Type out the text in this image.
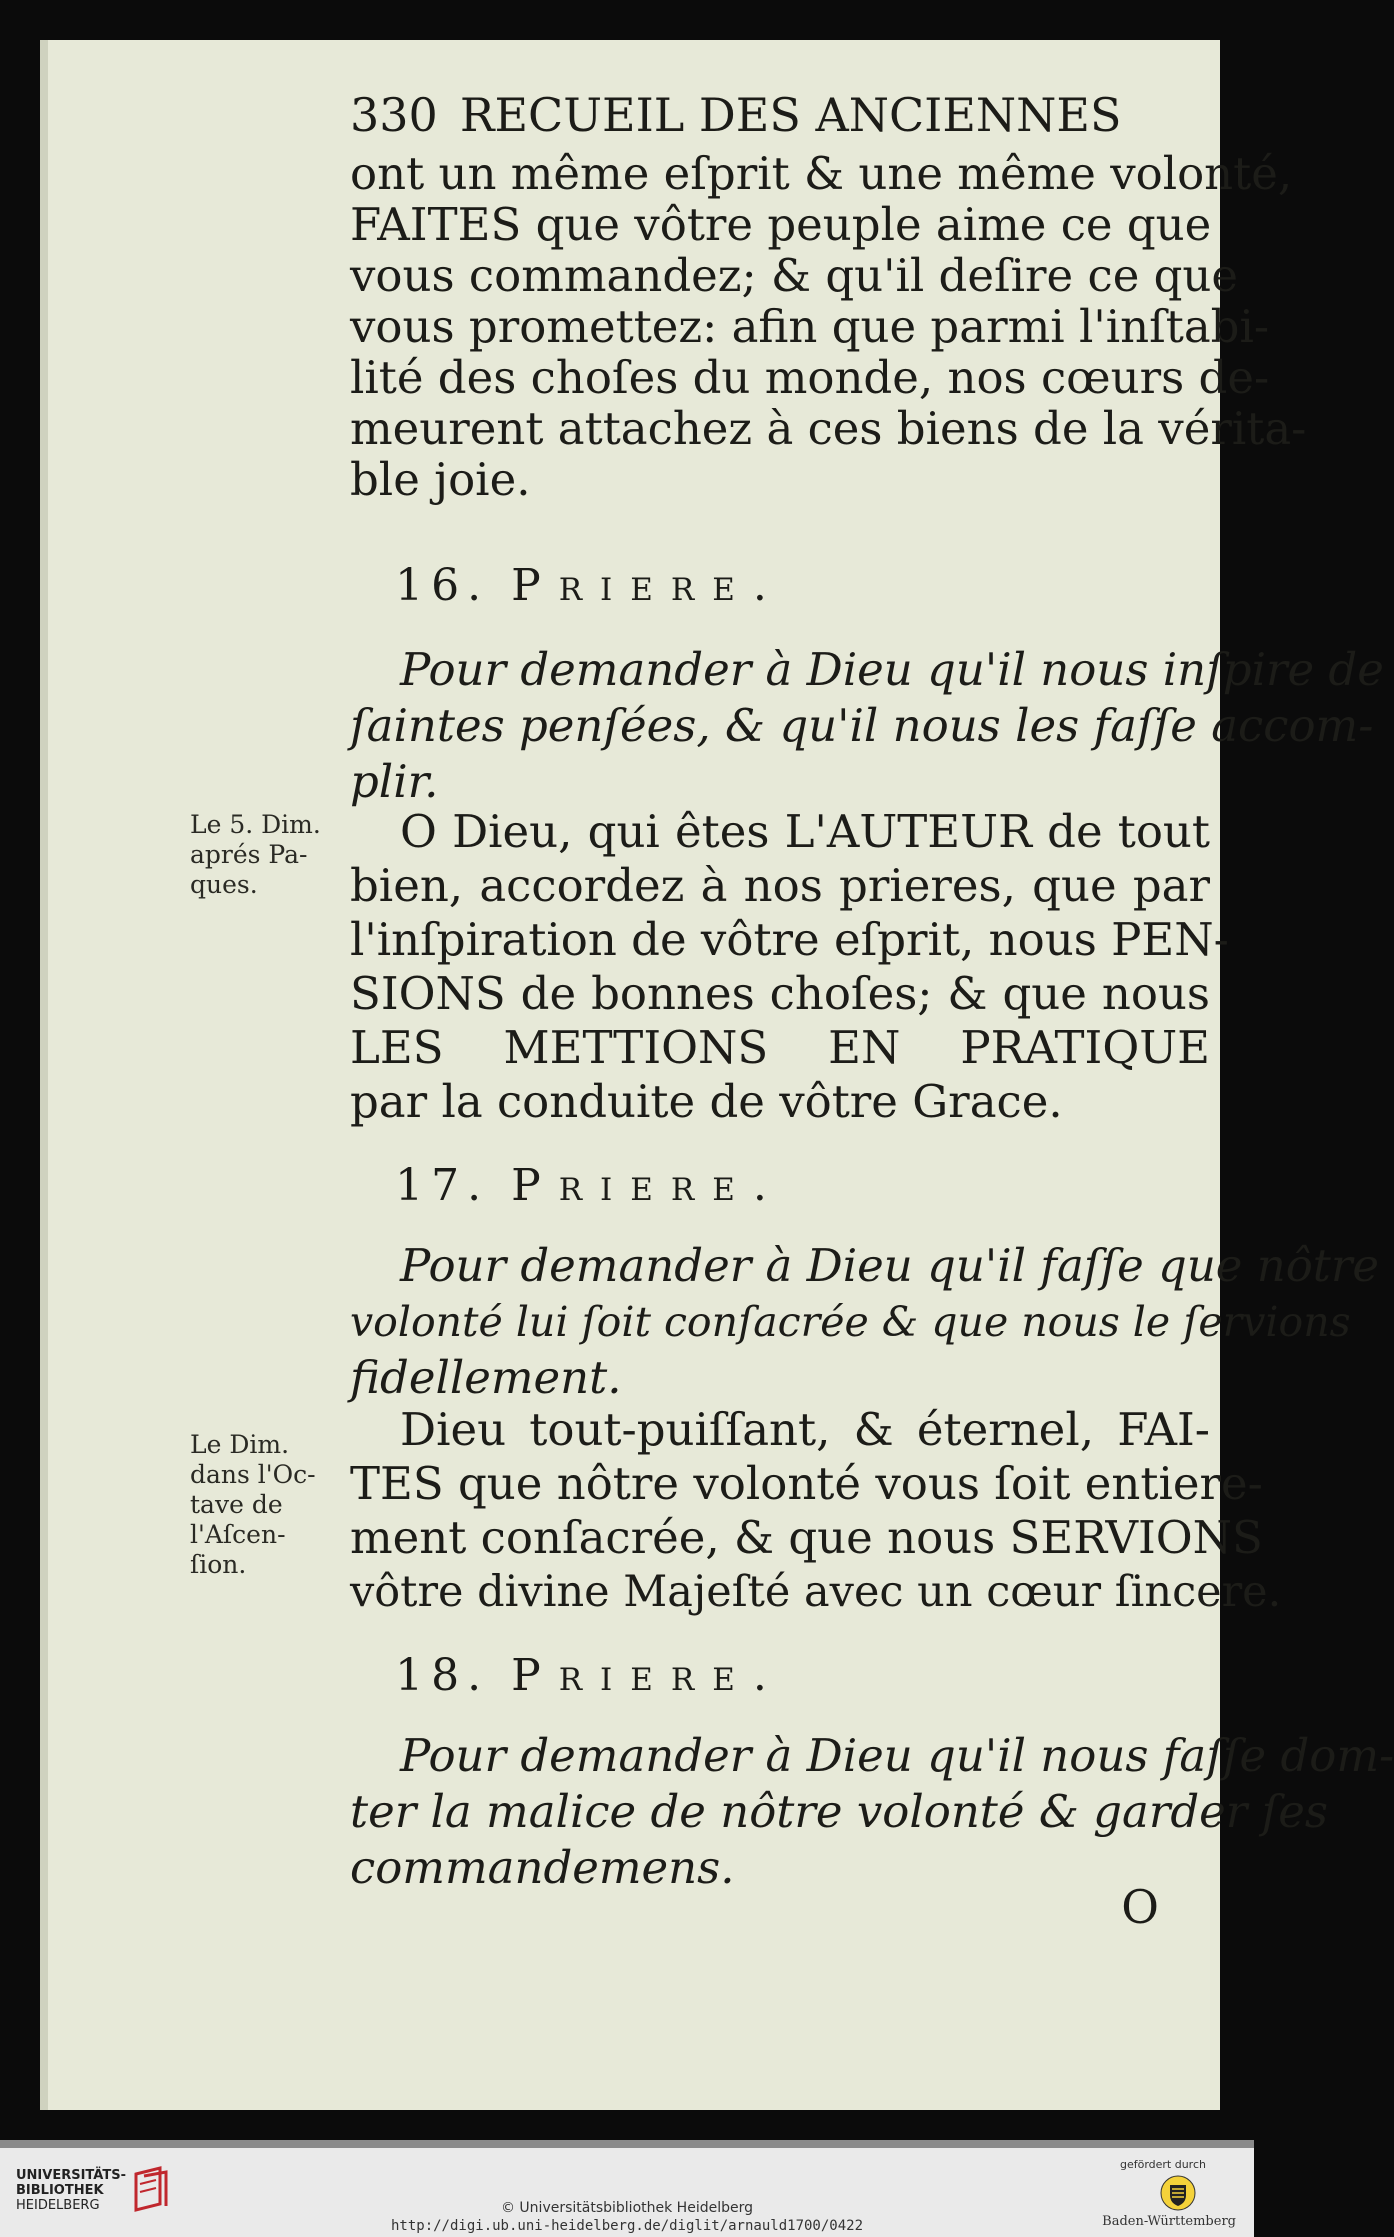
330 RECUEIL DES ANCIENNES
ont un même eſprit & une même volonté,
FAITES que vôtre peuple aime ce que
vous commandez; & qu'il deſire ce que
vous promettez: afin que parmi l'inſtabi-
lité des choſes du monde, nos cœurs de-
meurent attachez à ces biens de la vérita-
ble joie.
16. Priere.
Pour demander à Dieu qu'il nous inſpire de
ſaintes penſées, & qu'il nous les faſſe accom-
plir.
Le 5. Dim.
aprés Pa-
ques.
O Dieu, qui êtes L'AUTEUR de tout
bien, accordez à nos prieres, que par
l'inſpiration de vôtre eſprit, nous PEN-
SIONS de bonnes choſes; & que nous
LES METTIONS EN PRATIQUE
par la conduite de vôtre Grace.
17. Priere.
Pour demander à Dieu qu'il faſſe que nôtre
volonté lui ſoit conſacrée & que nous le ſervions
fidellement.
Le Dim.
dans l'Oc-
tave de
l'Aſcen-
ſion.
Dieu tout-puiſſant, & éternel, FAI-
TES que nôtre volonté vous ſoit entiere-
ment conſacrée, & que nous SERVIONS
vôtre divine Majeſté avec un cœur ſincere.
18. Priere.
Pour demander à Dieu qu'il nous faſſe dom-
ter la malice de nôtre volonté & garder ſes
commandemens.
O
UNIVERSITÄTS-
BIBLIOTHEK
HEIDELBERG	© Universitätsbibliothek Heidelberg
http://digi.ub.uni-heidelberg.de/diglit/arnauld1700/0422
gefördert durch
Baden-Württemberg
